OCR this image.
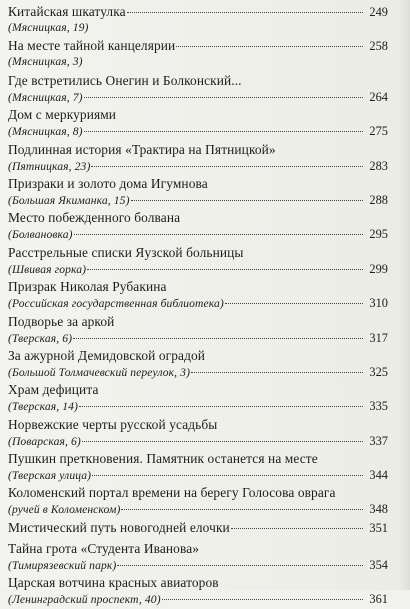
Китайская шкатулка	249
(Мясницкая, 19)
На месте тайной канцелярии	258
(Мясницкая, 3)
Где встретились Онегин и Болконский...
(Мясницкая, 7)	264
Дом с меркуриями
(Мясницкая, 8)	275
Подлинная история «Трактира на Пятницкой»
(Пятницкая, 23)	283
Призраки и золото дома Игумнова
(Большая Якиманка, 15)	288
Место побежденного болвана
(Болвановка)	295
Расстрельные списки Яузской больницы
(Швивая горка)	299
Призрак Николая Рубакина
(Российская государственная библиотека)	310
Подворье за аркой
(Тверская, 6)	317
За ажурной Демидовской оградой
(Большой Толмачевский переулок, 3)	325
Храм дефицита
(Тверская, 14)	335
Норвежские черты русской усадьбы
(Поварская, 6)	337
Пушкин преткновения. Памятник останется на месте
(Тверская улица)	344
Коломенский портал времени на берегу Голосова оврага
(ручей в Коломенском)	348
Мистический путь новогодней елочки	351
Тайна грота «Студента Иванова»
(Тимирязевский парк)	354
Царская вотчина красных авиаторов
(Ленинградский проспект, 40)	361
